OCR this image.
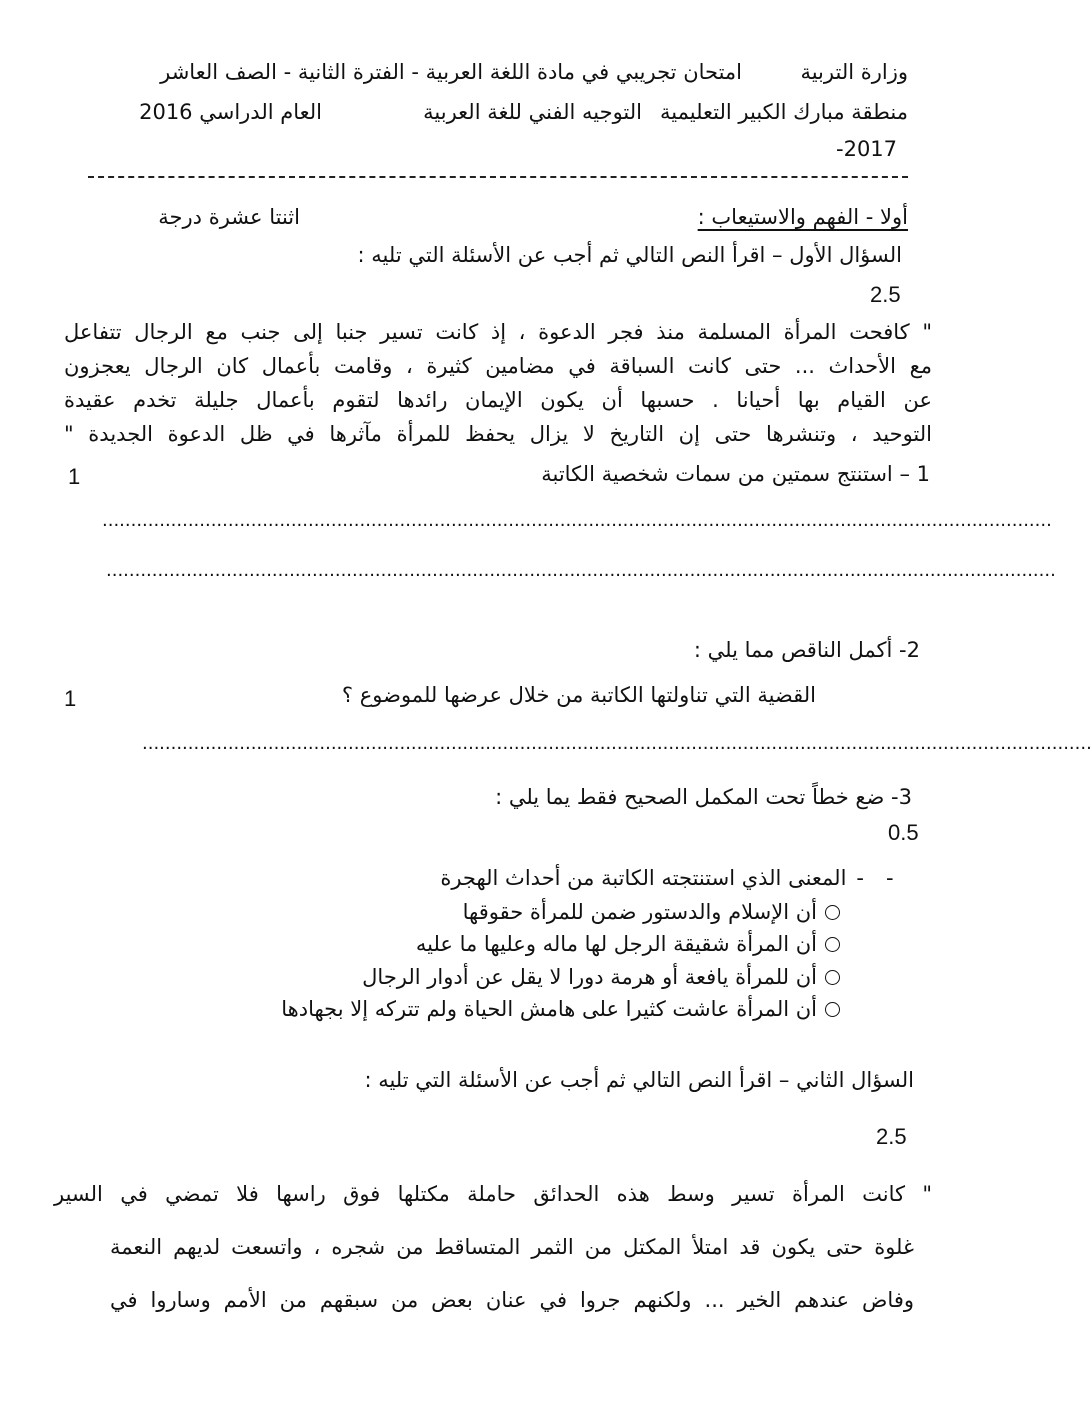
وزارة التربية
امتحان تجريبي في مادة اللغة العربية - الفترة الثانية - الصف العاشر
منطقة مبارك الكبير التعليمية
التوجيه الفني للغة العربية
العام الدراسي 2016
-2017
أولا - الفهم والاستيعاب :
اثنتا عشرة درجة
السؤال الأول – اقرأ النص التالي ثم أجب عن الأسئلة التي تليه :
2.5
" كافحت المرأة المسلمة منذ فجر الدعوة ، إذ كانت تسير جنبا إلى جنب مع الرجال تتفاعل
مع الأحداث ... حتى كانت السباقة في مضامين كثيرة ، وقامت بأعمال كان الرجال يعجزون
عن القيام بها أحيانا . حسبها أن يكون الإيمان رائدها لتقوم بأعمال جليلة تخدم عقيدة
التوحيد ، وتنشرها حتى إن التاريخ لا يزال يحفظ للمرأة مآثرها في ظل الدعوة الجديدة "
1 – استنتج سمتين من سمات شخصية الكاتبة
1
......................................................................................................................................................................
......................................................................................................................................................................
2- أكمل الناقص مما يلي :
القضية التي تناولتها الكاتبة من خلال عرضها للموضوع ؟
1
......................................................................................................................................................................
3- ضع خطاً تحت المكمل الصحيح فقط يما يلي :
0.5
-
-المعنى الذي استنتجته الكاتبة من أحداث الهجرة
أن الإسلام والدستور ضمن للمرأة حقوقها
أن المرأة شقيقة الرجل لها ماله وعليها ما عليه
أن للمرأة يافعة أو هرمة دورا لا يقل عن أدوار الرجال
أن المرأة عاشت كثيرا على هامش الحياة ولم تتركه إلا بجهادها
السؤال الثاني – اقرأ النص التالي ثم أجب عن الأسئلة التي تليه :
2.5
" كانت المرأة تسير وسط هذه الحدائق حاملة مكتلها فوق راسها فلا تمضي في السير
غلوة حتى يكون قد امتلأ المكتل من الثمر المتساقط من شجره ، واتسعت لديهم النعمة
وفاض عندهم الخير ... ولكنهم جروا في عنان بعض من سبقهم من الأمم وساروا في
